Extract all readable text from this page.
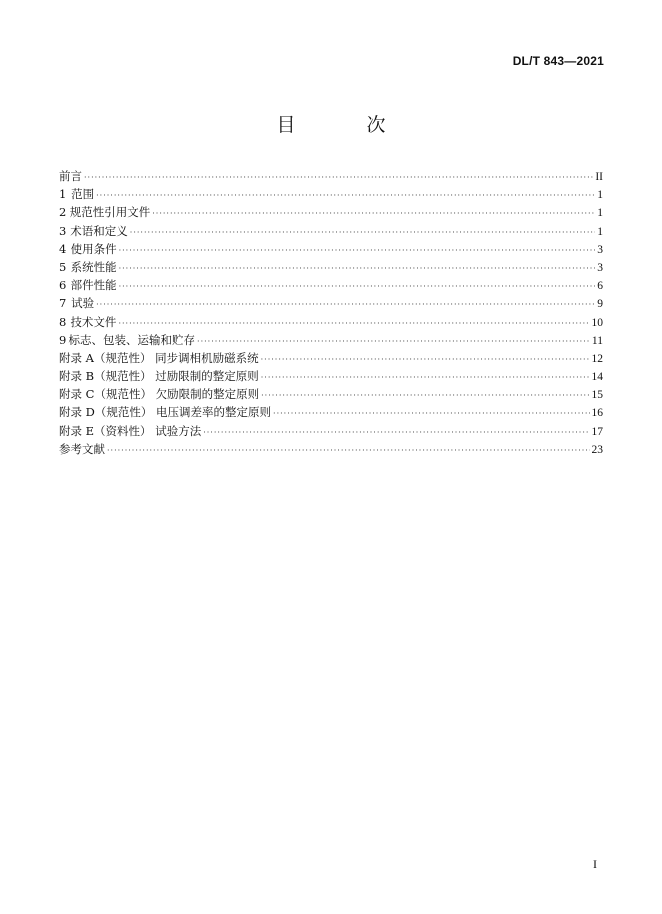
DL/T 843—2021
目　次
前言 ·····	II
1 范围 ·····	1
2 规范性引用文件 ·····	1
3 术语和定义 ·····	1
4 使用条件 ·····	3
5 系统性能 ·····	3
6 部件性能 ·····	6
7 试验 ·····	9
8 技术文件 ·····	10
9 标志、包装、运输和贮存 ·····	11
附录 A（规范性） 同步调相机励磁系统 ·····	12
附录 B（规范性） 过励限制的整定原则 ·····	14
附录 C（规范性） 欠励限制的整定原则 ·····	15
附录 D（规范性） 电压调差率的整定原则 ·····	16
附录 E（资料性） 试验方法 ·····	17
参考文献 ·····	23
I
